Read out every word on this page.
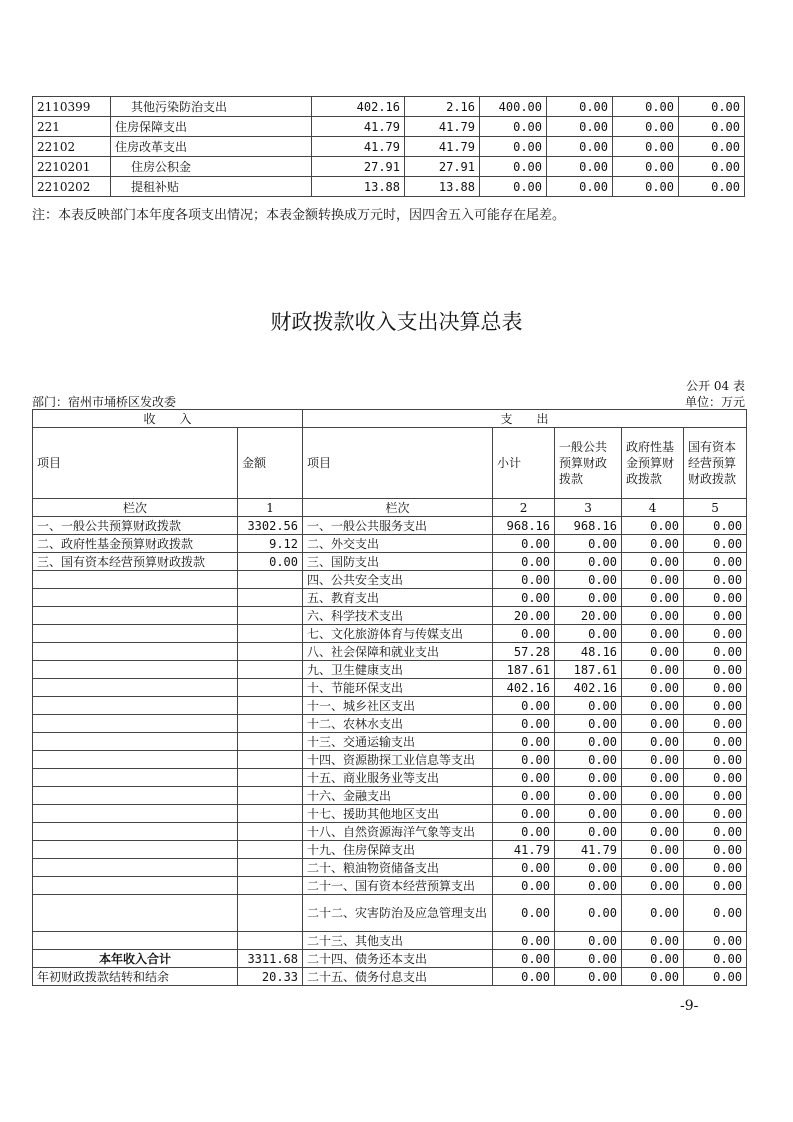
2110399	其他污染防治支出	402.16	2.16	400.00	0.00	0.00	0.00
221	住房保障支出	41.79	41.79	0.00	0.00	0.00	0.00
22102	住房改革支出	41.79	41.79	0.00	0.00	0.00	0.00
2210201	住房公积金	27.91	27.91	0.00	0.00	0.00	0.00
2210202	提租补贴	13.88	13.88	0.00	0.00	0.00	0.00
注：本表反映部门本年度各项支出情况；本表金额转换成万元时，因四舍五入可能存在尾差。
财政拨款收入支出决算总表
公开 04 表
部门：宿州市埇桥区发改委	单位：万元
收　　入		支　　出				
项目	金额	项目	小计	一般公共预算财政拨款	政府性基金预算财政拨款	国有资本经营预算财政拨款
栏次	1	栏次	2	3	4	5
一、一般公共预算财政拨款	3302.56	一、一般公共服务支出	968.16	968.16	0.00	0.00
二、政府性基金预算财政拨款	9.12	二、外交支出	0.00	0.00	0.00	0.00
三、国有资本经营预算财政拨款	0.00	三、国防支出	0.00	0.00	0.00	0.00
		四、公共安全支出	0.00	0.00	0.00	0.00
		五、教育支出	0.00	0.00	0.00	0.00
		六、科学技术支出	20.00	20.00	0.00	0.00
		七、文化旅游体育与传媒支出	0.00	0.00	0.00	0.00
		八、社会保障和就业支出	57.28	48.16	0.00	0.00
		九、卫生健康支出	187.61	187.61	0.00	0.00
		十、节能环保支出	402.16	402.16	0.00	0.00
		十一、城乡社区支出	0.00	0.00	0.00	0.00
		十二、农林水支出	0.00	0.00	0.00	0.00
		十三、交通运输支出	0.00	0.00	0.00	0.00
		十四、资源勘探工业信息等支出	0.00	0.00	0.00	0.00
		十五、商业服务业等支出	0.00	0.00	0.00	0.00
		十六、金融支出	0.00	0.00	0.00	0.00
		十七、援助其他地区支出	0.00	0.00	0.00	0.00
		十八、自然资源海洋气象等支出	0.00	0.00	0.00	0.00
		十九、住房保障支出	41.79	41.79	0.00	0.00
		二十、粮油物资储备支出	0.00	0.00	0.00	0.00
		二十一、国有资本经营预算支出	0.00	0.00	0.00	0.00
		二十二、灾害防治及应急管理支出	0.00	0.00	0.00	0.00
		二十三、其他支出	0.00	0.00	0.00	0.00
本年收入合计	3311.68	二十四、债务还本支出	0.00	0.00	0.00	0.00
年初财政拨款结转和结余	20.33	二十五、债务付息支出	0.00	0.00	0.00	0.00
-9-
